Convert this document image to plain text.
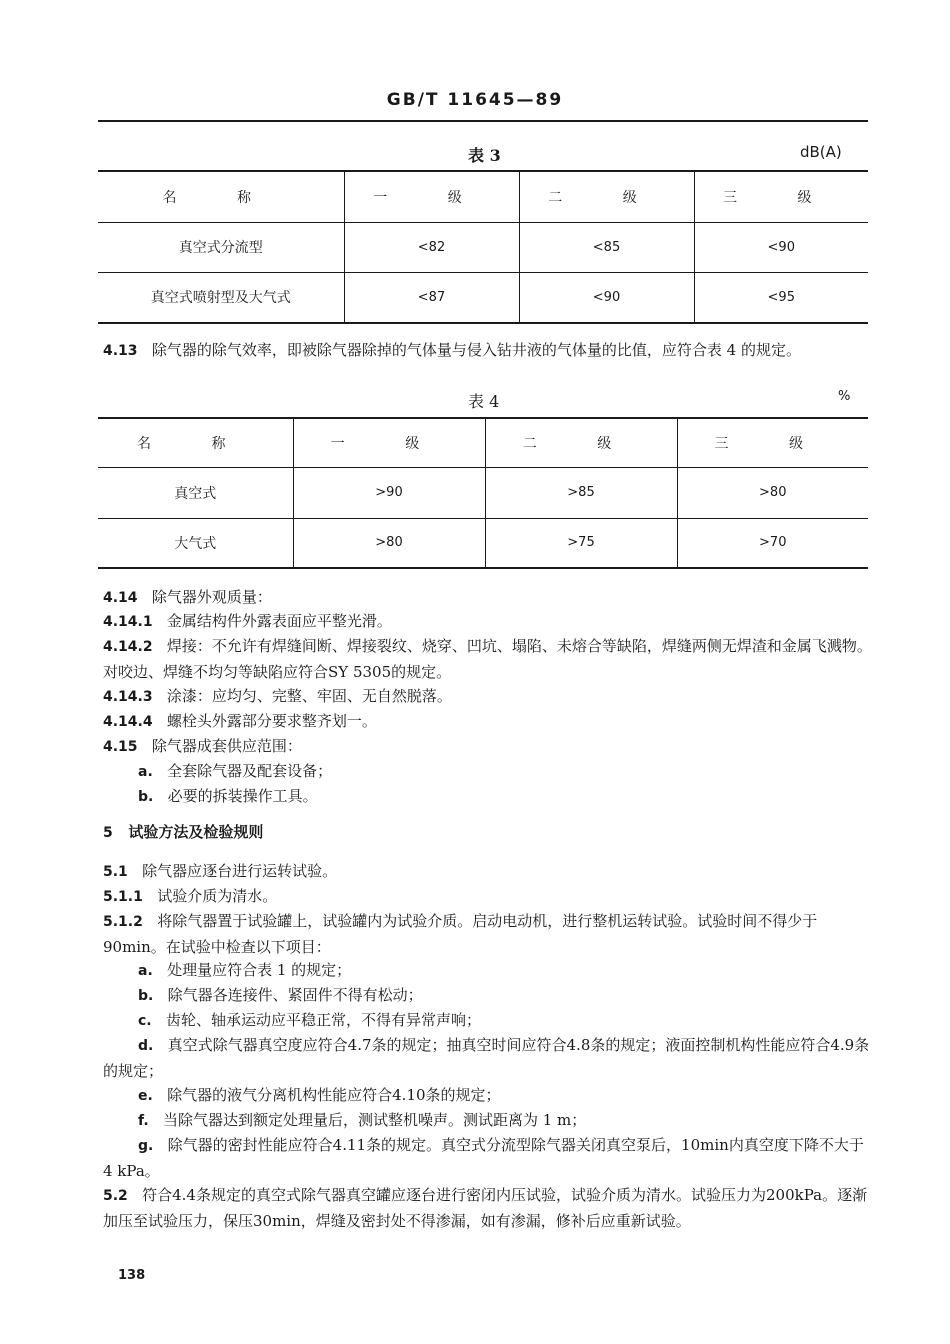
GB/T 11645—89
表 3	dB(A)
名 称	一 级	二 级	三 级
真空式分流型	<82	<85	<90
真空式喷射型及大气式	<87	<90	<95
4.13 除气器的除气效率，即被除气器除掉的气体量与侵入钻井液的气体量的比值，应符合表 4 的规定。
表 4	%
名 称	一 级	二 级	三 级
真空式	>90	>85	>80
大气式	>80	>75	>70
4.14 除气器外观质量：
4.14.1 金属结构件外露表面应平整光滑。
4.14.2 焊接：不允许有焊缝间断、焊接裂纹、烧穿、凹坑、塌陷、未熔合等缺陷，焊缝两侧无焊渣和金属飞溅物。对咬边、焊缝不均匀等缺陷应符合SY 5305的规定。
4.14.3 涂漆：应均匀、完整、牢固、无自然脱落。
4.14.4 螺栓头外露部分要求整齐划一。
4.15 除气器成套供应范围：
a. 全套除气器及配套设备；
b. 必要的拆装操作工具。
5 试验方法及检验规则
5.1 除气器应逐台进行运转试验。
5.1.1 试验介质为清水。
5.1.2 将除气器置于试验罐上，试验罐内为试验介质。启动电动机，进行整机运转试验。试验时间不得少于90min。在试验中检查以下项目：
a. 处理量应符合表 1 的规定；
b. 除气器各连接件、紧固件不得有松动；
c. 齿轮、轴承运动应平稳正常，不得有异常声响；
d. 真空式除气器真空度应符合4.7条的规定；抽真空时间应符合4.8条的规定；液面控制机构性能应符合4.9条的规定；
e. 除气器的液气分离机构性能应符合4.10条的规定；
f. 当除气器达到额定处理量后，测试整机噪声。测试距离为 1 m；
g. 除气器的密封性能应符合4.11条的规定。真空式分流型除气器关闭真空泵后，10min内真空度下降不大于 4 kPa。
5.2 符合4.4条规定的真空式除气器真空罐应逐台进行密闭内压试验，试验介质为清水。试验压力为200kPa。逐渐加压至试验压力，保压30min，焊缝及密封处不得渗漏，如有渗漏，修补后应重新试验。
138
